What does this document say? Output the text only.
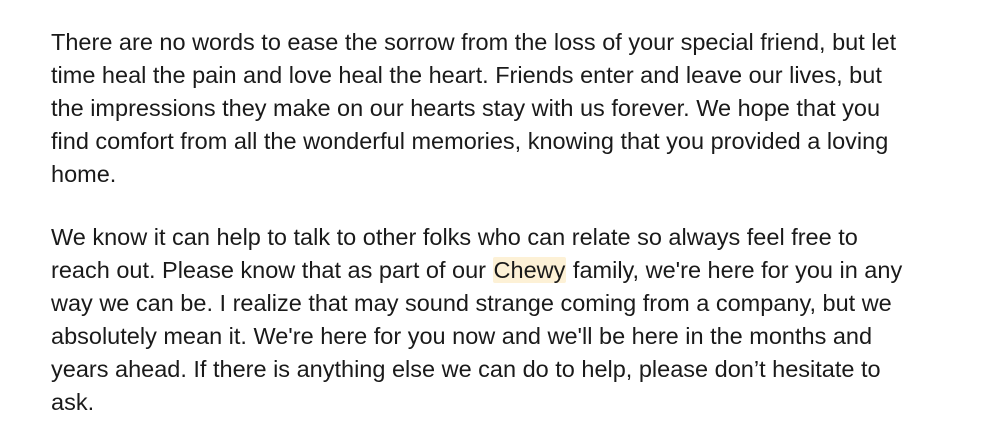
There are no words to ease the sorrow from the loss of your special friend, but let
time heal the pain and love heal the heart. Friends enter and leave our lives, but
the impressions they make on our hearts stay with us forever. We hope that you
find comfort from all the wonderful memories, knowing that you provided a loving
home.

We know it can help to talk to other folks who can relate so always feel free to
reach out. Please know that as part of our Chewy family, we're here for you in any
way we can be. I realize that may sound strange coming from a company, but we
absolutely mean it. We're here for you now and we'll be here in the months and
years ahead. If there is anything else we can do to help, please don’t hesitate to
ask.
